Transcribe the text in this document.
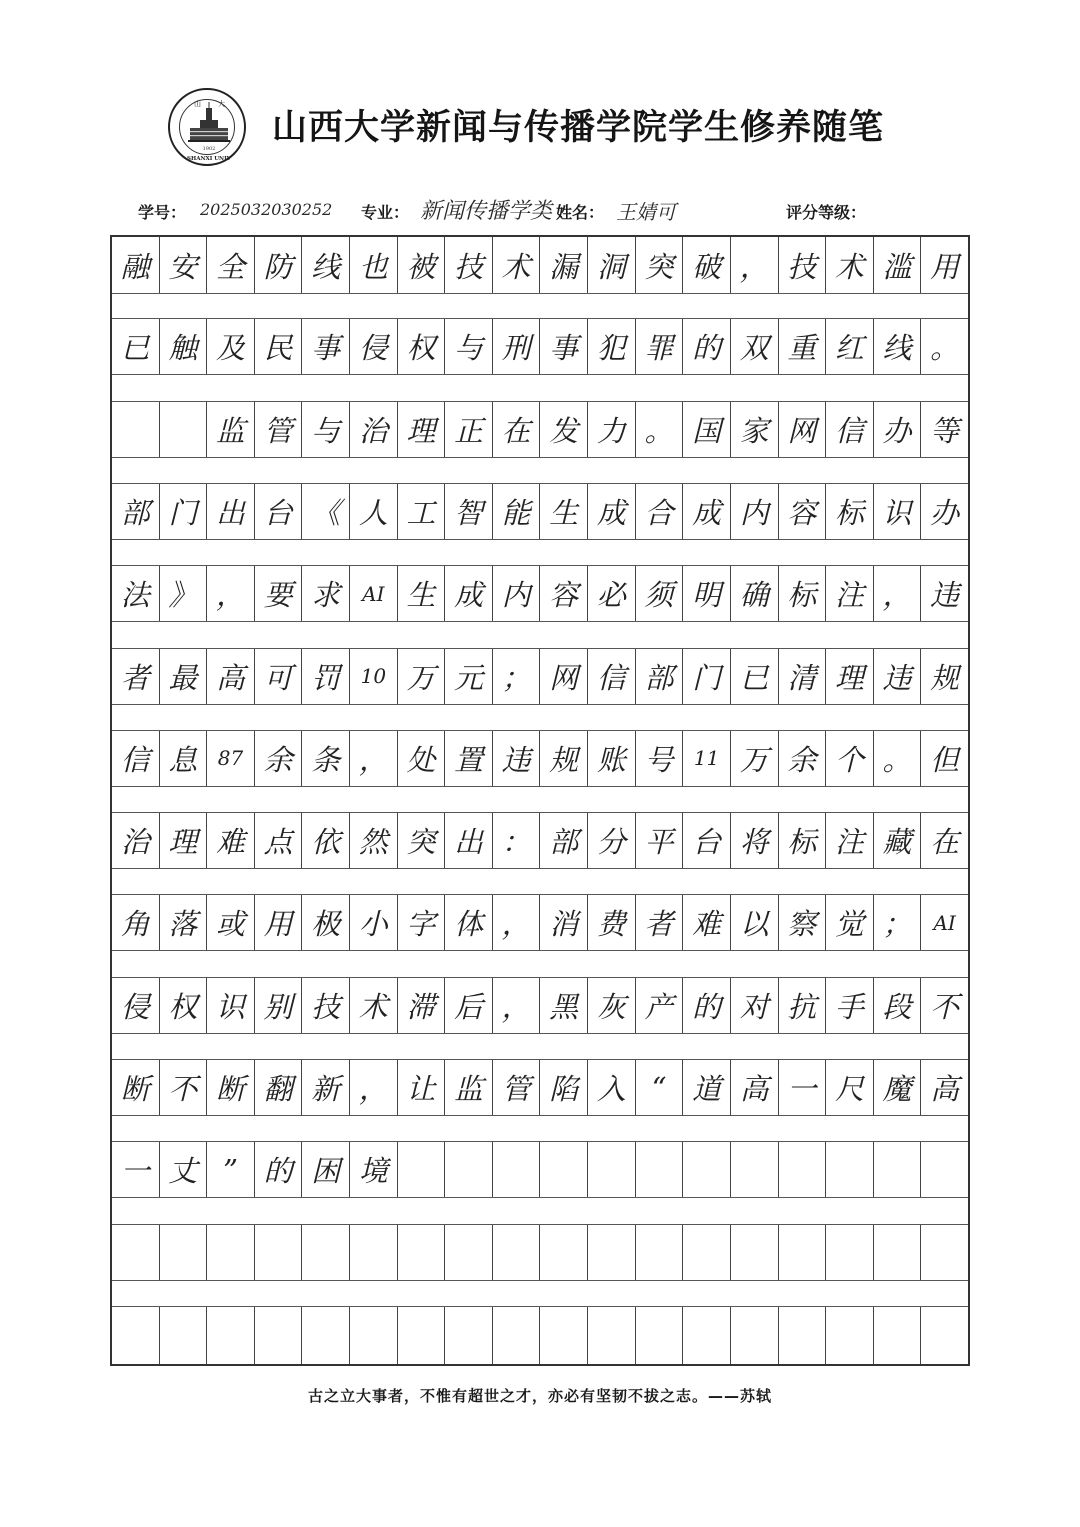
1902
SHANXI UNIV
山 大
山西大学新闻与传播学院学生修养随笔
学号： 2025032030252 专业： 新闻传播学类 姓名： 王婧可	评分等级：
融 安 全 防 线 也 被 技 术 漏 洞 突 破 ， 技 术 滥 用
已 触 及 民 事 侵 权 与 刑 事 犯 罪 的 双 重 红 线 。
监 管 与 治 理 正 在 发 力 。 国 家 网 信 办 等
部 门 出 台 《 人 工 智 能 生 成 合 成 内 容 标 识 办
法 》 ， 要 求	AI 生 成 内 容 必 须 明 确 标 注 ， 违
者 最 高 可 罚	10 万 元 ； 网 信 部 门 已 清 理 违 规
信 息	87 余 条 ， 处 置 违 规 账 号	11 万 余 个 。 但
治 理 难 点 依 然 突 出 ： 部 分 平 台 将 标 注 藏 在
角 落 或 用 极 小 字 体 ， 消 费 者 难 以 察 觉 ；	AI
侵 权 识 别 技 术 滞 后 ， 黑 灰 产 的 对 抗 手 段 不
断 不 断 翻 新 ， 让 监 管 陷 入 “ 道 高 一 尺 魔 高
一 丈 ” 的 困 境
古之立大事者，不惟有超世之才，亦必有坚韧不拔之志。——苏轼
